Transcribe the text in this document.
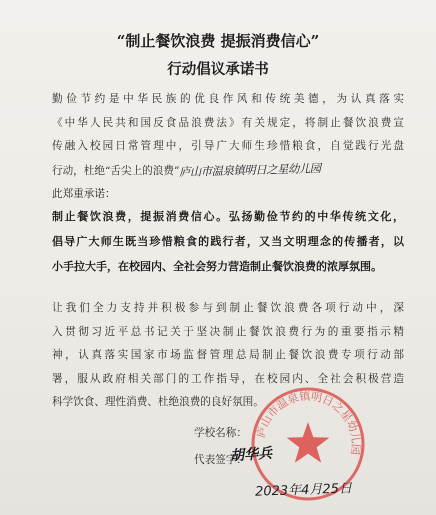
“制止餐饮浪费 提振消费信心”
行动倡议承诺书
勤俭节约是中华民族的优良作风和传统美德，为认真落实
《中华人民共和国反食品浪费法》有关规定，将制止餐饮浪费宣
传融入校园日常管理中，引导广大师生珍惜粮食，自觉践行光盘
行动，杜绝“舌尖上的浪费”庐山市温泉镇明日之星幼儿园
此郑重承诺：
制止餐饮浪费，提振消费信心。弘扬勤俭节约的中华传统文化，
倡导广大师生既当珍惜粮食的践行者，又当文明理念的传播者，以
小手拉大手，在校园内、全社会努力营造制止餐饮浪费的浓厚氛围。
让我们全力支持并积极参与到制止餐饮浪费各项行动中，深
入贯彻习近平总书记关于坚决制止餐饮浪费行为的重要指示精
神，认真落实国家市场监督管理总局制止餐饮浪费专项行动部
署，服从政府相关部门的工作指导，在校园内、全社会积极营造
科学饮食、理性消费、杜绝浪费的良好氛围。
学校名称：
代表签字：
庐山市温泉镇明日之星幼儿园
胡华兵
2023年4月25日
